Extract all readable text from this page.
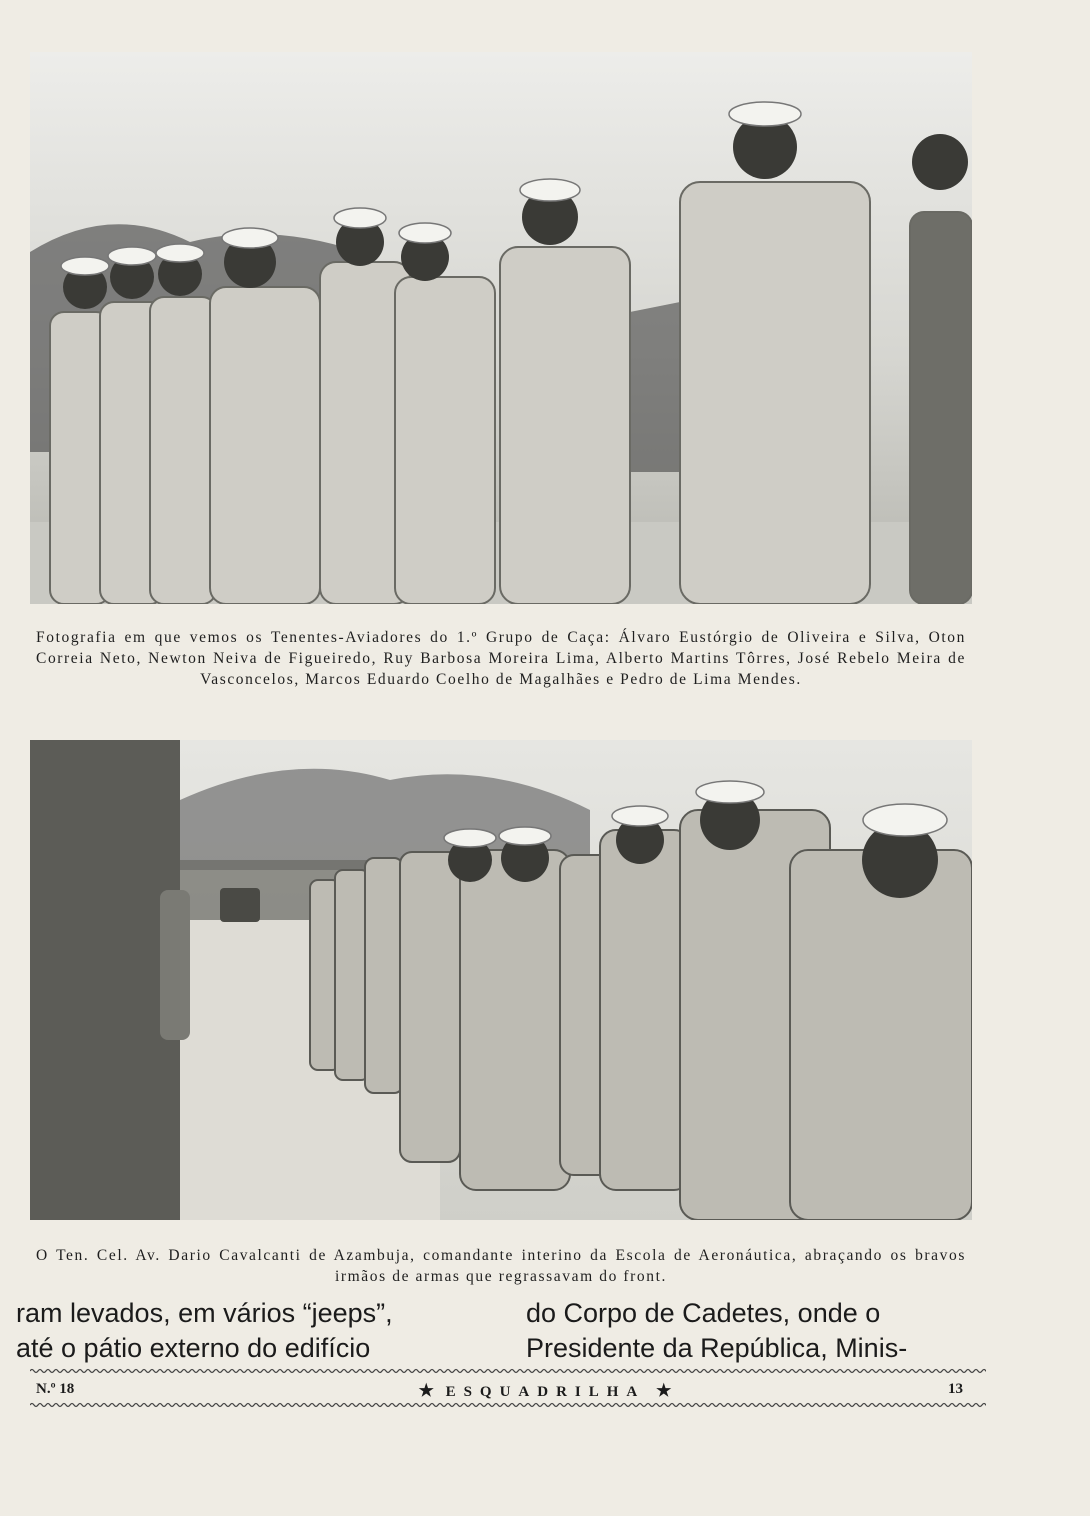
Fotografia em que vemos os Tenentes-Aviadores do 1.º Grupo de Caça: Álvaro Eustórgio de Oliveira e Silva, Oton Correia Neto, Newton Neiva de Figueiredo, Ruy Barbosa Moreira Lima, Alberto Martins Tôrres, José Rebelo Meira de Vasconcelos, Marcos Eduardo Coelho de Magalhães e Pedro de Lima Mendes.

O Ten. Cel. Av. Dario Cavalcanti de Azambuja, comandante interino da Escola de Aeronáutica, abraçando os bravos irmãos de armas que regrassavam do front.

ram levados, em vários “jeeps”,
até o pátio externo do edifício
do Corpo de Cadetes, onde o
Presidente da República, Minis-
N.º 18	★ ESQUADRILHA ★	13
